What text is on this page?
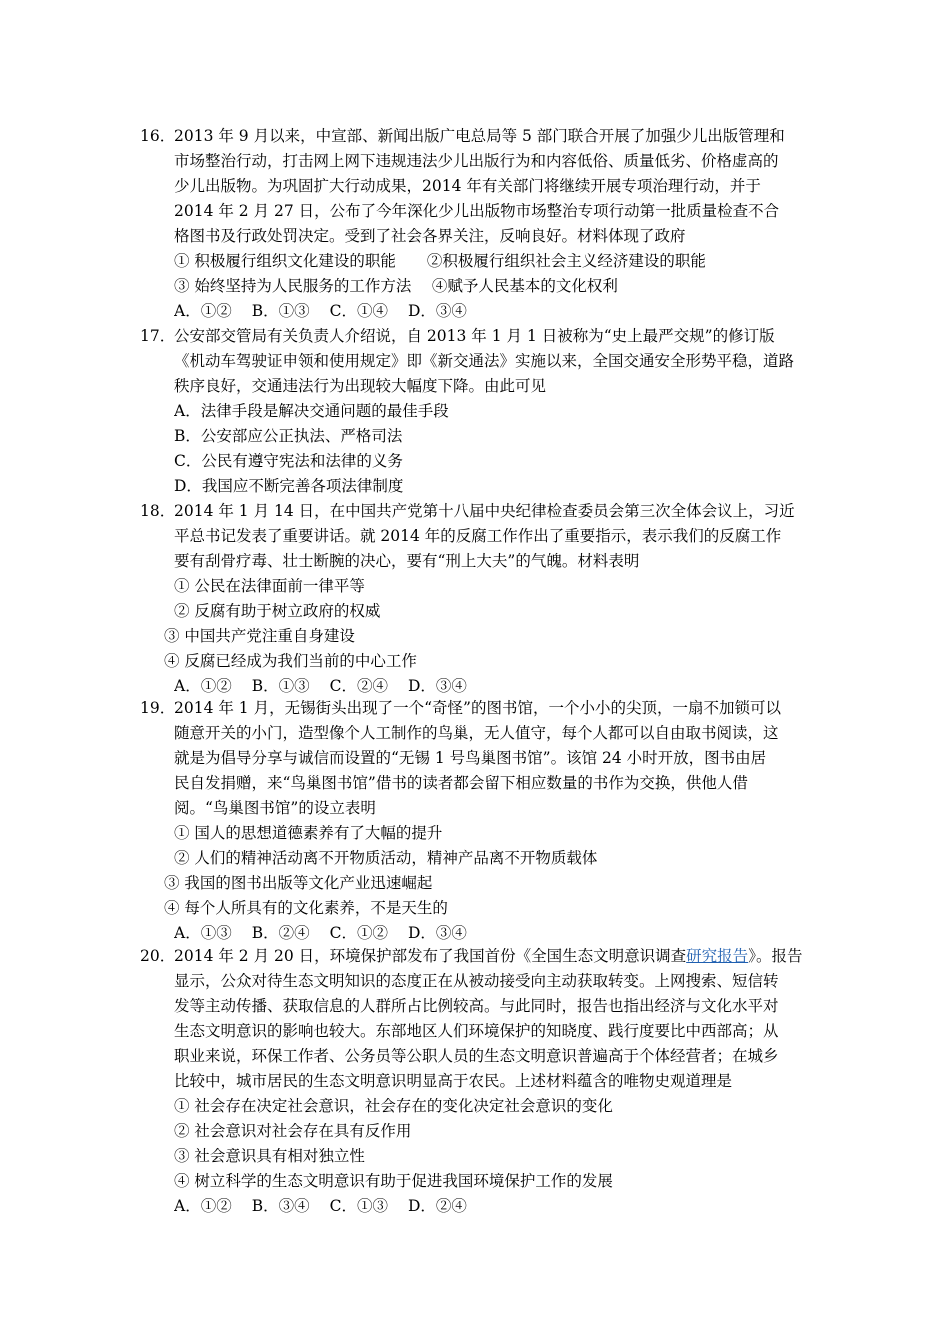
16．
2013 年 9 月以来，中宣部、新闻出版广电总局等 5 部门联合开展了加强少儿出版管理和
市场整治行动，打击网上网下违规违法少儿出版行为和内容低俗、质量低劣、价格虚高的
少儿出版物。为巩固扩大行动成果，2014 年有关部门将继续开展专项治理行动，并于
2014 年 2 月 27 日，公布了今年深化少儿出版物市场整治专项行动第一批质量检查不合
格图书及行政处罚决定。受到了社会各界关注，反响良好。材料体现了政府
① 积极履行组织文化建设的职能　　②积极履行组织社会主义经济建设的职能
③ 始终坚持为人民服务的工作方法　 ④赋予人民基本的文化权利
A．①② B．①③ C．①④ D．③④
17．
公安部交管局有关负责人介绍说，自 2013 年 1 月 1 日被称为“史上最严交规”的修订版
《机动车驾驶证申领和使用规定》即《新交通法》实施以来，全国交通安全形势平稳，道路
秩序良好，交通违法行为出现较大幅度下降。由此可见
A．法律手段是解决交通问题的最佳手段
B．公安部应公正执法、严格司法
C．公民有遵守宪法和法律的义务
D．我国应不断完善各项法律制度
18．
2014 年 1 月 14 日，在中国共产党第十八届中央纪律检查委员会第三次全体会议上，习近
平总书记发表了重要讲话。就 2014 年的反腐工作作出了重要指示，表示我们的反腐工作
要有刮骨疗毒、壮士断腕的决心，要有“刑上大夫”的气魄。材料表明
① 公民在法律面前一律平等
② 反腐有助于树立政府的权威
③ 中国共产党注重自身建设
④ 反腐已经成为我们当前的中心工作
A．①② B．①③ C．②④ D．③④
19．
2014 年 1 月，无锡街头出现了一个“奇怪”的图书馆，一个小小的尖顶，一扇不加锁可以
随意开关的小门，造型像个人工制作的鸟巢，无人值守，每个人都可以自由取书阅读，这
就是为倡导分享与诚信而设置的“无锡 1 号鸟巢图书馆”。该馆 24 小时开放，图书由居
民自发捐赠，来“鸟巢图书馆”借书的读者都会留下相应数量的书作为交换，供他人借
阅。“鸟巢图书馆”的设立表明
① 国人的思想道德素养有了大幅的提升
② 人们的精神活动离不开物质活动，精神产品离不开物质载体
③ 我国的图书出版等文化产业迅速崛起
④ 每个人所具有的文化素养，不是天生的
A．①③ B．②④ C．①② D．③④
20．
2014 年 2 月 20 日，环境保护部发布了我国首份《全国生态文明意识调查研究报告》。报告
显示，公众对待生态文明知识的态度正在从被动接受向主动获取转变。上网搜索、短信转
发等主动传播、获取信息的人群所占比例较高。与此同时，报告也指出经济与文化水平对
生态文明意识的影响也较大。东部地区人们环境保护的知晓度、践行度要比中西部高；从
职业来说，环保工作者、公务员等公职人员的生态文明意识普遍高于个体经营者；在城乡
比较中，城市居民的生态文明意识明显高于农民。上述材料蕴含的唯物史观道理是
① 社会存在决定社会意识，社会存在的变化决定社会意识的变化
② 社会意识对社会存在具有反作用
③ 社会意识具有相对独立性
④ 树立科学的生态文明意识有助于促进我国环境保护工作的发展
A．①② B．③④ C．①③ D．②④
